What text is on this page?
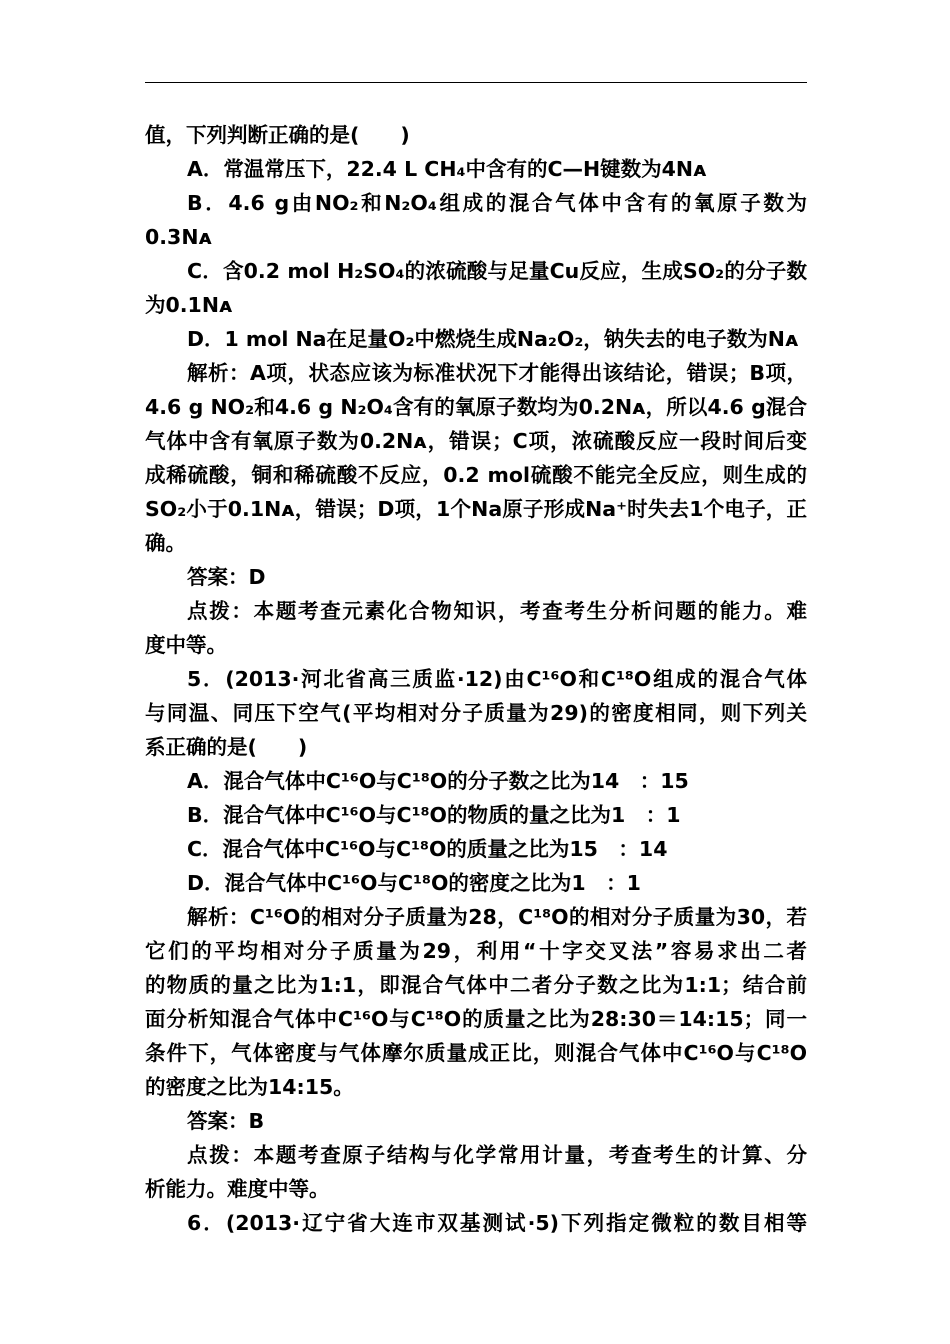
值，下列判断正确的是(　　)
A．常温常压下，22.4 L CH₄中含有的C—H键数为4Nᴀ
B．4.6 g由NO₂和N₂O₄组成的混合气体中含有的氧原子数为
0.3Nᴀ
C．含0.2 mol H₂SO₄的浓硫酸与足量Cu反应，生成SO₂的分子数
为0.1Nᴀ
D．1 mol Na在足量O₂中燃烧生成Na₂O₂，钠失去的电子数为Nᴀ
解析：A项，状态应该为标准状况下才能得出该结论，错误；B项，
4.6 g NO₂和4.6 g N₂O₄含有的氧原子数均为0.2Nᴀ，所以4.6 g混合
气体中含有氧原子数为0.2Nᴀ，错误；C项，浓硫酸反应一段时间后变
成稀硫酸，铜和稀硫酸不反应，0.2 mol硫酸不能完全反应，则生成的
SO₂小于0.1Nᴀ，错误；D项，1个Na原子形成Na⁺时失去1个电子，正
确。
答案：D
点拨：本题考查元素化合物知识，考查考生分析问题的能力。难
度中等。
5．(2013·河北省高三质监·12)由C¹⁶O和C¹⁸O组成的混合气体
与同温、同压下空气(平均相对分子质量为29)的密度相同，则下列关
系正确的是(　　)
A．混合气体中C¹⁶O与C¹⁸O的分子数之比为14　：15
B．混合气体中C¹⁶O与C¹⁸O的物质的量之比为1　：1
C．混合气体中C¹⁶O与C¹⁸O的质量之比为15　：14
D．混合气体中C¹⁶O与C¹⁸O的密度之比为1　：1
解析：C¹⁶O的相对分子质量为28，C¹⁸O的相对分子质量为30，若
它们的平均相对分子质量为29，利用“十字交叉法”容易求出二者
的物质的量之比为1:1，即混合气体中二者分子数之比为1:1；结合前
面分析知混合气体中C¹⁶O与C¹⁸O的质量之比为28:30＝14:15；同一
条件下，气体密度与气体摩尔质量成正比，则混合气体中C¹⁶O与C¹⁸O
的密度之比为14:15。
答案：B
点拨：本题考查原子结构与化学常用计量，考查考生的计算、分
析能力。难度中等。
6．(2013·辽宁省大连市双基测试·5)下列指定微粒的数目相等
